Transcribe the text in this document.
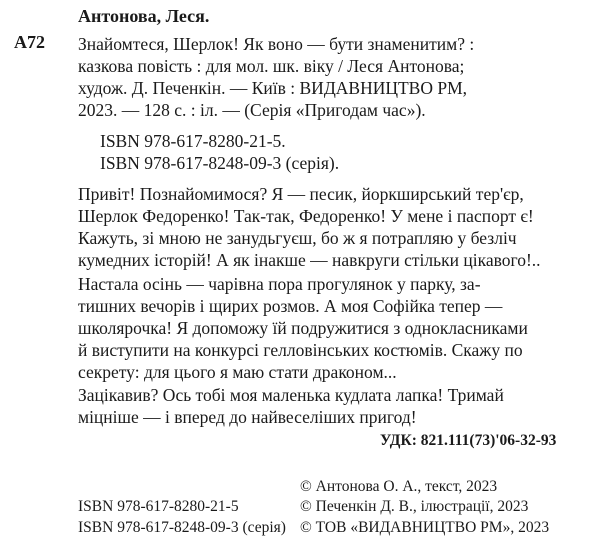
Антонова, Леся.
А72 Знайомтеся, Шерлок! Як воно — бути знаменитим? :
казкова повість : для мол. шк. віку / Леся Антонова;
худож. Д. Печенкін. — Київ : ВИДАВНИЦТВО РМ,
2023. — 128 с. : іл. — (Серія «Пригодам час»).
ISBN 978-617-8280-21-5.
ISBN 978-617-8248-09-3 (серія).
Привіт! Познайомимося? Я — песик, йоркширський тер'єр,
Шерлок Федоренко! Так-так, Федоренко! У мене і паспорт є!
Кажуть, зі мною не занудьгуєш, бо ж я потрапляю у безліч
кумедних історій! А як інакше — навкруги стільки цікавого!..
Настала осінь — чарівна пора прогулянок у парку, за-
тишних вечорів і щирих розмов. А моя Софійка тепер —
школярочка! Я допоможу їй подружитися з однокласниками
й виступити на конкурсі гелловінських костюмів. Скажу по
секрету: для цього я маю стати драконом...
Зацікавив? Ось тобі моя маленька кудлата лапка! Тримай
міцніше — і вперед до найвеселіших пригод!
УДК: 821.111(73)'06-32-93
ISBN 978-617-8280-21-5
ISBN 978-617-8248-09-3 (серія)
© Антонова О. А., текст, 2023
© Печенкін Д. В., ілюстрації, 2023
© ТОВ «ВИДАВНИЦТВО РМ», 2023
